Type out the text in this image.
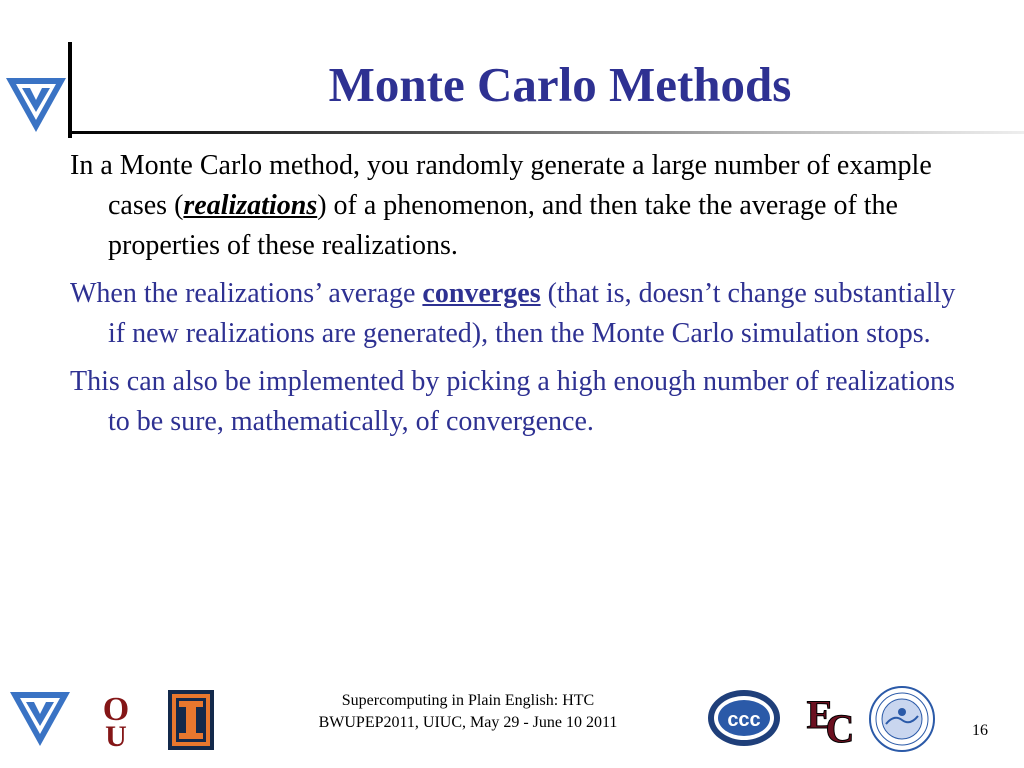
Monte Carlo Methods

In a Monte Carlo method, you randomly generate a large number of example cases (realizations) of a phenomenon, and then take the average of the properties of these realizations.

When the realizations’ average converges (that is, doesn’t change substantially if new realizations are generated), then the Monte Carlo simulation stops.

This can also be implemented by picking a high enough number of realizations to be sure, mathematically, of convergence.

O
U	ccc E
C
Supercomputing in Plain English: HTC
BWUPEP2011, UIUC, May 29 - June 10 2011	16
